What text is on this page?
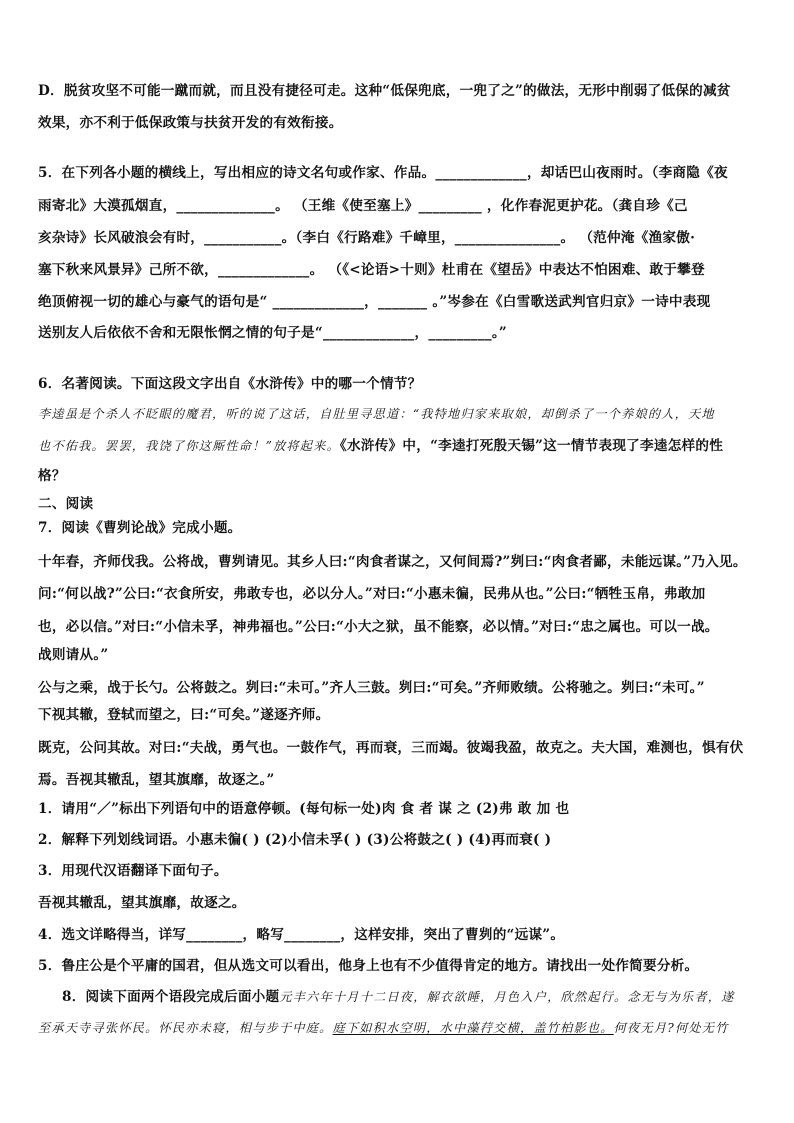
D．脱贫攻坚不可能一蹴而就，而且没有捷径可走。这种“低保兜底，一兜了之”的做法，无形中削弱了低保的减贫
效果，亦不利于低保政策与扶贫开发的有效衔接。
5．在下列各小题的横线上，写出相应的诗文名句或作家、作品。_____________，却话巴山夜雨时。（李商隐《夜
雨寄北》大漠孤烟直，______________。 （王维《使至塞上》_________ ，化作春泥更护花。（龚自珍《己
亥杂诗》长风破浪会有时，___________。（李白《行路难》千嶂里，_______________。 （范仲淹《渔家傲·
塞下秋来风景异》己所不欲，_____________。 （《<论语>十则》杜甫在《望岳》中表达不怕困难、敢于攀登
绝顶俯视一切的雄心与豪气的语句是“ _____________，_______ 。”岑参在《白雪歌送武判官归京》一诗中表现
送别友人后依依不舍和无限怅惘之情的句子是“_____________，_________。”
6．名著阅读。下面这段文字出自《水浒传》中的哪一个情节？
李逵虽是个杀人不眨眼的魔君，听的说了这话，自肚里寻思道：“我特地归家来取娘，却倒杀了一个养娘的人，天地
也不佑我。罢罢，我饶了你这厮性命！”放将起来。《水浒传》中，“李逵打死殷天锡”这一情节表现了李逵怎样的性
格？
二、阅读
7．阅读《曹刿论战》完成小题。
十年春，齐师伐我。公将战，曹刿请见。其乡人曰:“肉食者谋之，又何间焉?”刿曰:“肉食者鄙，未能远谋。”乃入见。
问:“何以战?”公曰:“衣食所安，弗敢专也，必以分人。”对曰:“小惠未徧，民弗从也。”公曰:“牺牲玉帛，弗敢加
也，必以信。”对曰:“小信未孚，神弗福也。”公曰:“小大之狱，虽不能察，必以情。”对曰:“忠之属也。可以一战。
战则请从。”
公与之乘，战于长勺。公将鼓之。刿曰:“未可。”齐人三鼓。刿曰:“可矣。”齐师败绩。公将驰之。刿曰:“未可。”
下视其辙，登轼而望之，曰:“可矣。”遂逐齐师。
既克，公问其故。对曰:“夫战，勇气也。一鼓作气，再而衰，三而竭。彼竭我盈，故克之。夫大国，难测也，惧有伏
焉。吾视其辙乱，望其旗靡，故逐之。”
1．请用“／”标出下列语句中的语意停顿。(每句标一处)肉 食 者 谋 之 (2)弗 敢 加 也
2．解释下列划线词语。小惠未徧( ) (2)小信未孚( ) (3)公将鼓之( ) (4)再而衰( )
3．用现代汉语翻译下面句子。
吾视其辙乱，望其旗靡，故逐之。
4．选文详略得当，详写________，略写________，这样安排，突出了曹刿的“远谋”。
5．鲁庄公是个平庸的国君，但从选文可以看出，他身上也有不少值得肯定的地方。请找出一处作简要分析。
8．阅读下面两个语段完成后面小题元丰六年十月十二日夜，解衣欲睡，月色入户，欣然起行。念无与为乐者，遂
至承天寺寻张怀民。怀民亦未寝，相与步于中庭。庭下如积水空明，水中藻荇交横，盖竹柏影也。何夜无月?何处无竹
